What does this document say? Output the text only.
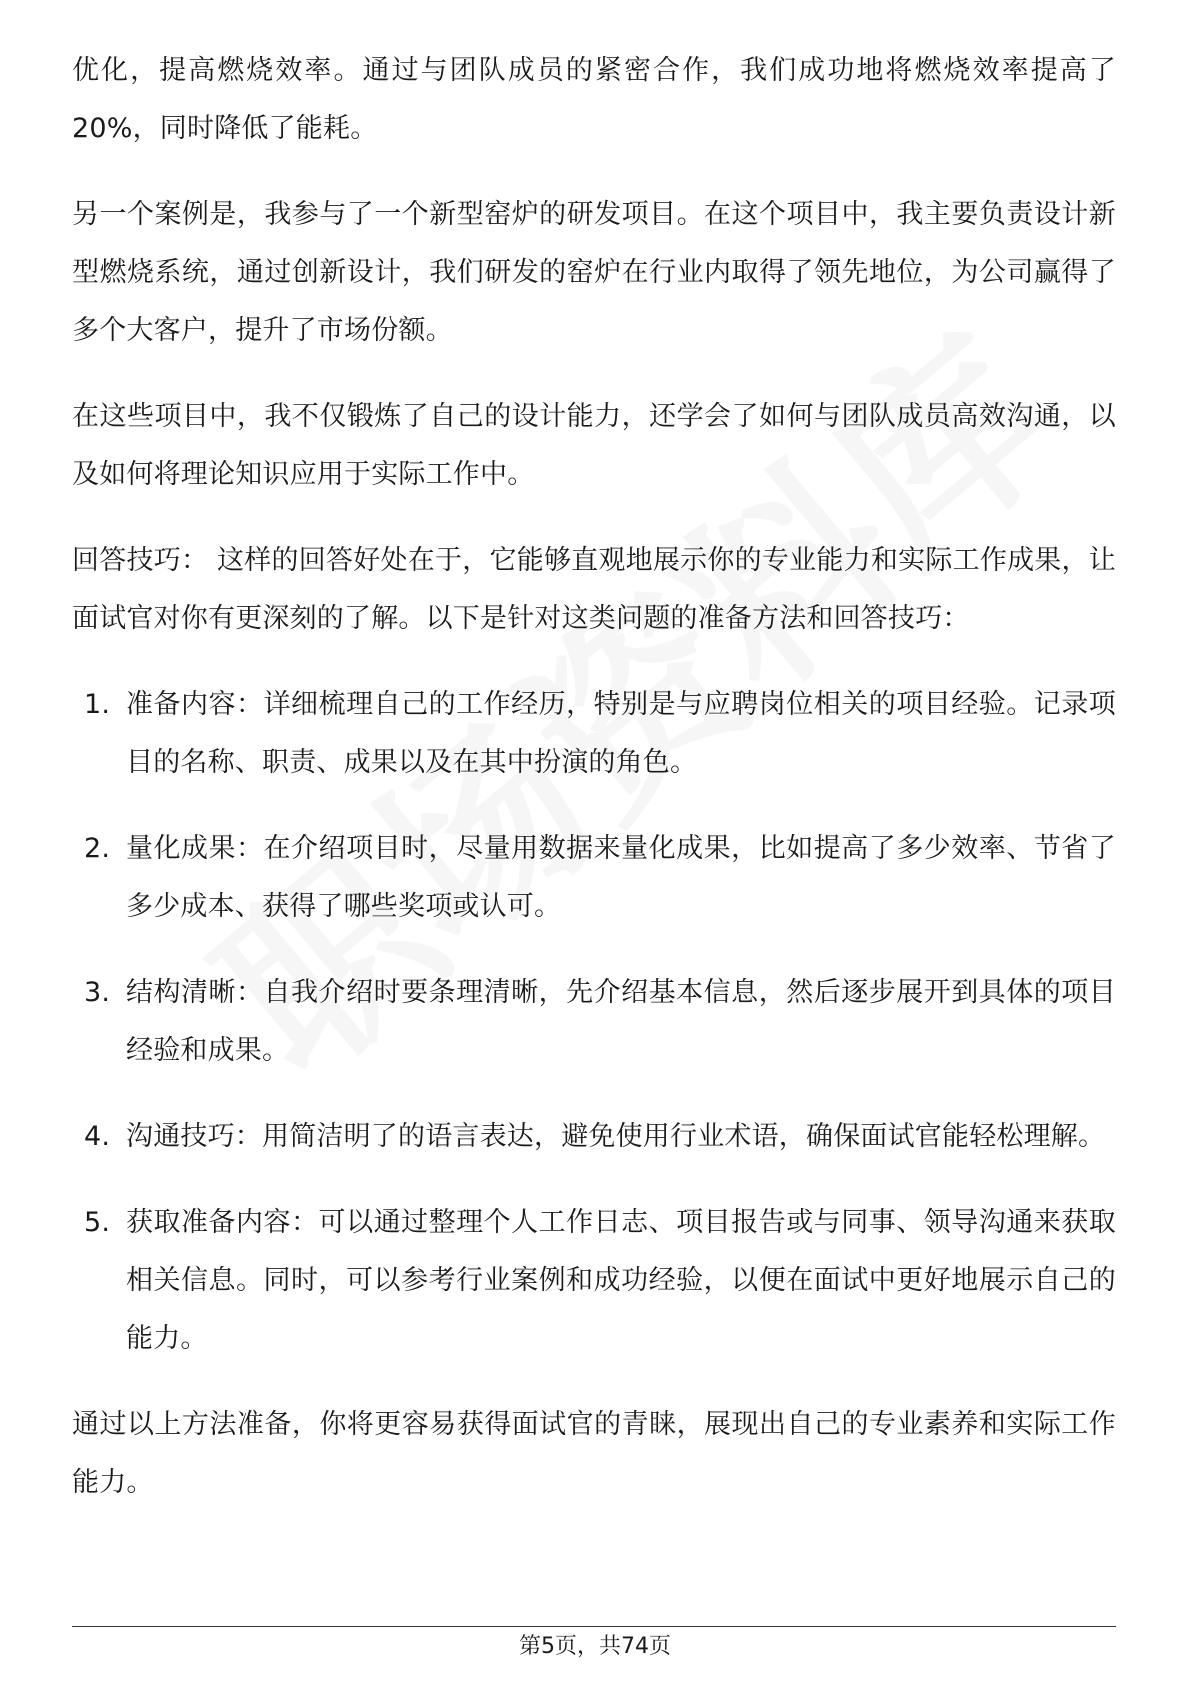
优化，提高燃烧效率。通过与团队成员的紧密合作，我们成功地将燃烧效率提高了20%，同时降低了能耗。

另一个案例是，我参与了一个新型窑炉的研发项目。在这个项目中，我主要负责设计新型燃烧系统，通过创新设计，我们研发的窑炉在行业内取得了领先地位，为公司赢得了多个大客户，提升了市场份额。

在这些项目中，我不仅锻炼了自己的设计能力，还学会了如何与团队成员高效沟通，以及如何将理论知识应用于实际工作中。

回答技巧： 这样的回答好处在于，它能够直观地展示你的专业能力和实际工作成果，让面试官对你有更深刻的了解。以下是针对这类问题的准备方法和回答技巧：

1. 准备内容：详细梳理自己的工作经历，特别是与应聘岗位相关的项目经验。记录项目的名称、职责、成果以及在其中扮演的角色。
2. 量化成果：在介绍项目时，尽量用数据来量化成果，比如提高了多少效率、节省了多少成本、获得了哪些奖项或认可。
3. 结构清晰：自我介绍时要条理清晰，先介绍基本信息，然后逐步展开到具体的项目经验和成果。
4. 沟通技巧：用简洁明了的语言表达，避免使用行业术语，确保面试官能轻松理解。
5. 获取准备内容：可以通过整理个人工作日志、项目报告或与同事、领导沟通来获取相关信息。同时，可以参考行业案例和成功经验，以便在面试中更好地展示自己的能力。

通过以上方法准备，你将更容易获得面试官的青睐，展现出自己的专业素养和实际工作能力。

第5页，共74页
